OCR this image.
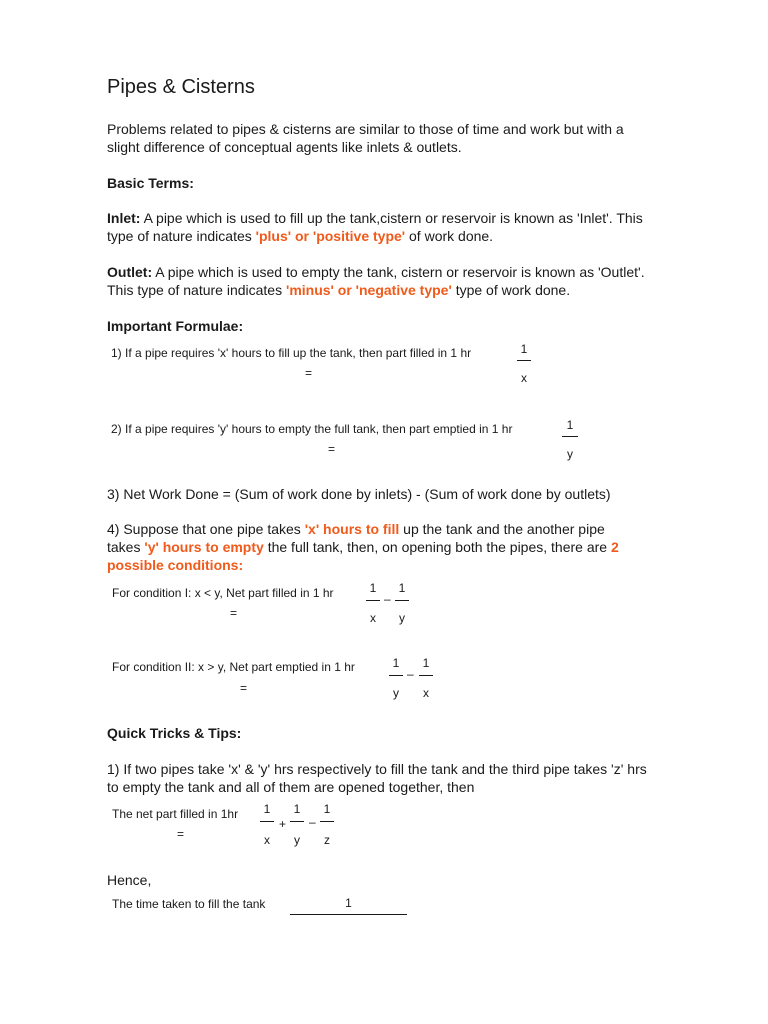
Pipes & Cisterns
Problems related to pipes & cisterns are similar to those of time and work but with a
slight difference of conceptual agents like inlets & outlets.
Basic Terms:
Inlet: A pipe which is used to fill up the tank,cistern or reservoir is known as 'Inlet'. This
type of nature indicates 'plus' or 'positive type' of work done.
Outlet: A pipe which is used to empty the tank, cistern or reservoir is known as 'Outlet'.
This type of nature indicates 'minus' or 'negative type' type of work done.
Important Formulae:
1) If a pipe requires 'x' hours to fill up the tank, then part filled in 1 hr
=
1
x
2) If a pipe requires 'y' hours to empty the full tank, then part emptied in 1 hr
=
1
y
3) Net Work Done = (Sum of work done by inlets) - (Sum of work done by outlets)
4) Suppose that one pipe takes 'x' hours to fill up the tank and the another pipe
takes 'y' hours to empty the full tank, then, on opening both the pipes, there are 2
possible conditions:
For condition I: x < y, Net part filled in 1 hr
=
1
x
–
1
y
For condition II: x > y, Net part emptied in 1 hr
=
1
y
–
1
x
Quick Tricks & Tips:
1) If two pipes take 'x' & 'y' hrs respectively to fill the tank and the third pipe takes 'z' hrs
to empty the tank and all of them are opened together, then
The net part filled in 1hr
=
1
x
+
1
y
–
1
z
Hence,
The time taken to fill the tank	1
